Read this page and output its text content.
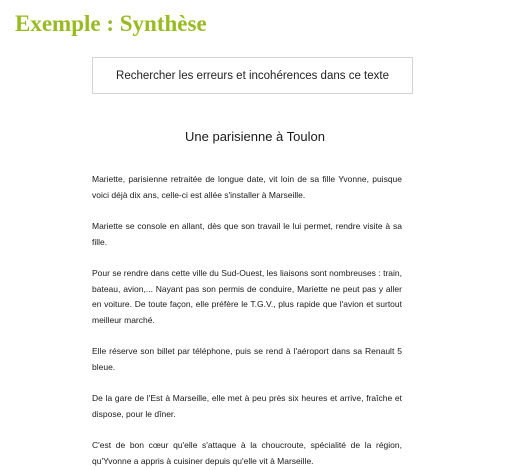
Exemple : Synthèse
Rechercher les erreurs et incohérences dans ce texte
Une parisienne à Toulon

Mariette, parisienne retraitée de longue date, vit loin de sa fille Yvonne, puisque voici déjà dix ans, celle-ci est allée s'installer à Marseille.

Mariette se console en allant, dès que son travail le lui permet, rendre visite à sa fille.

Pour se rendre dans cette ville du Sud-Ouest, les liaisons sont nombreuses : train, bateau, avion,... Nayant pas son permis de conduire, Mariette ne peut pas y aller en voiture. De toute façon, elle préfère le T.G.V., plus rapide que l'avion et surtout meilleur marché.

Elle réserve son billet par téléphone, puis se rend à l'aéroport dans sa Renault 5 bleue.

De la gare de l'Est à Marseille, elle met à peu près six heures et arrive, fraîche et dispose, pour le dîner.

C'est de bon cœur qu'elle s'attaque à la choucroute, spécialité de la région, qu'Yvonne a appris à cuisiner depuis qu'elle vit à Marseille.
